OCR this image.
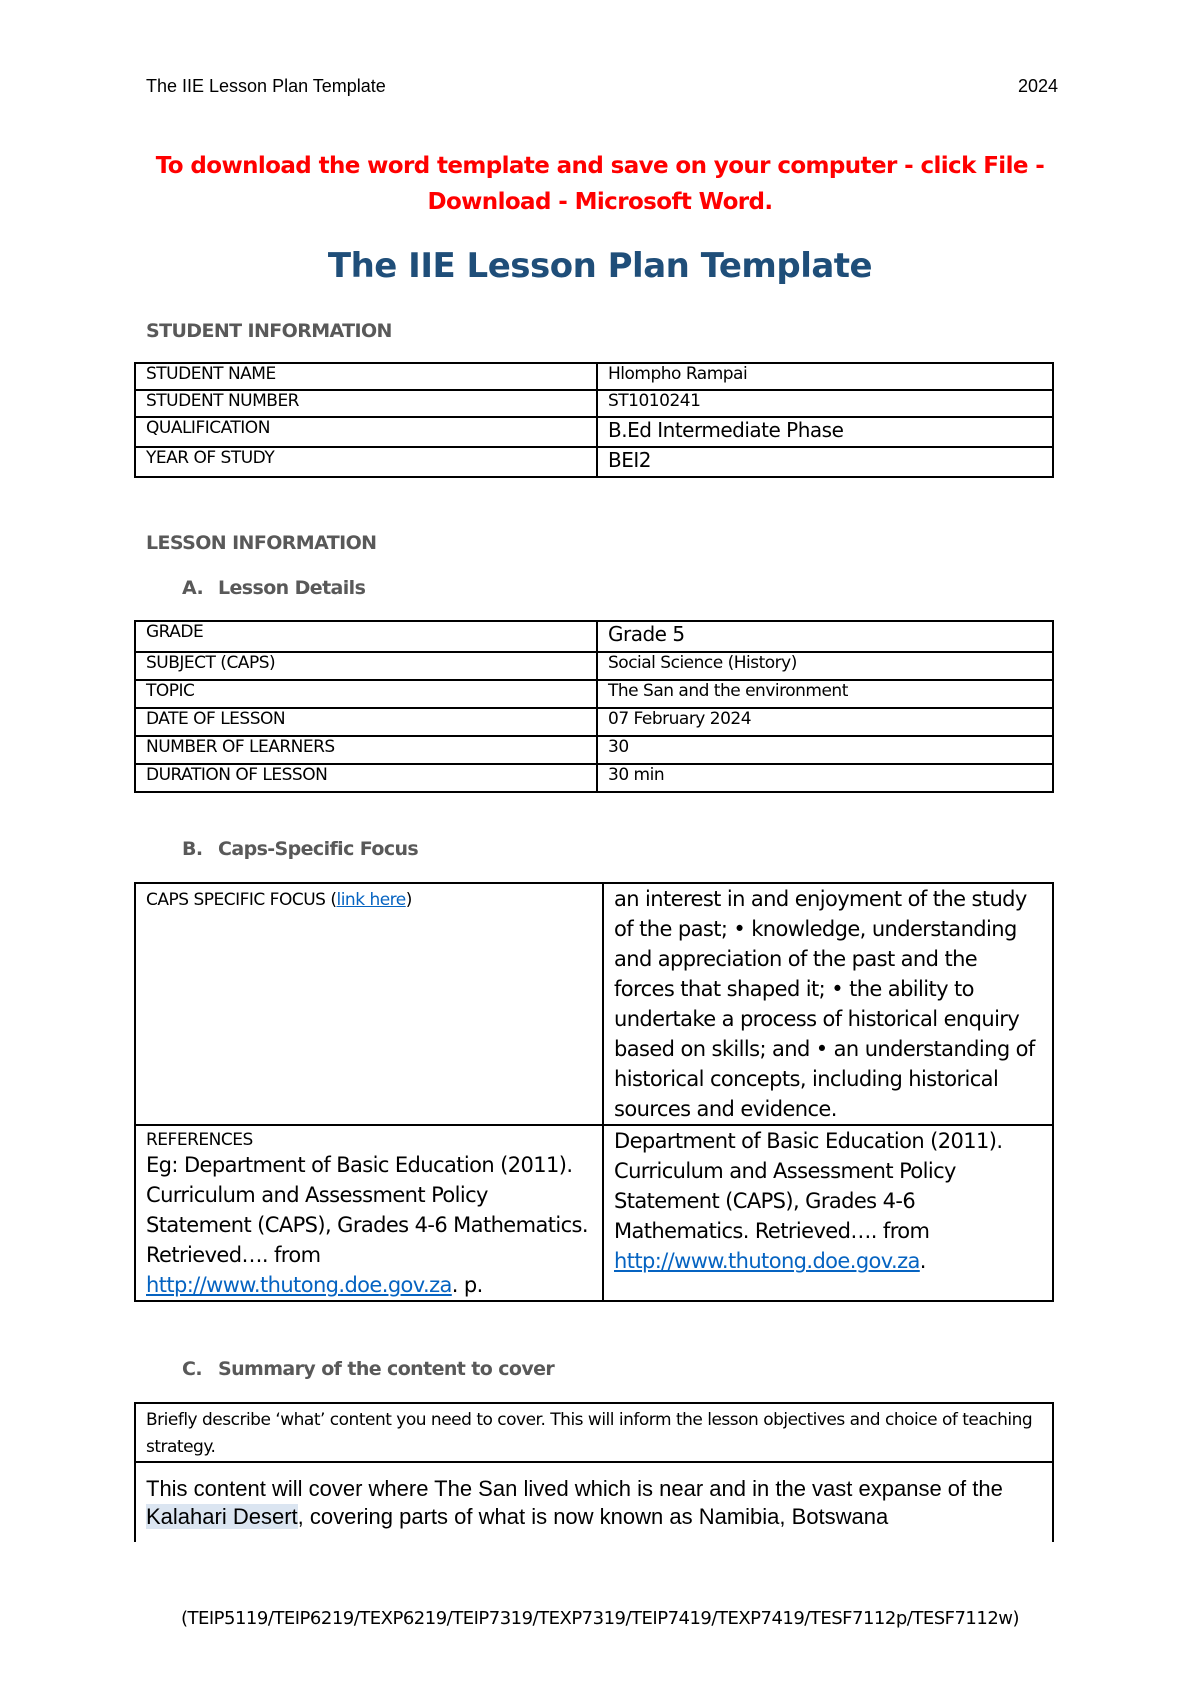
The IIE Lesson Plan Template	2024
To download the word template and save on your computer - click File - Download - Microsoft Word.
The IIE Lesson Plan Template
STUDENT INFORMATION
STUDENT NAME	Hlompho Rampai
STUDENT NUMBER	ST1010241
QUALIFICATION	B.Ed Intermediate Phase
YEAR OF STUDY	BEI2
LESSON INFORMATION
A. Lesson Details
GRADE	Grade 5
SUBJECT (CAPS)	Social Science (History)
TOPIC	The San and the environment
DATE OF LESSON	07 February 2024
NUMBER OF LEARNERS	30
DURATION OF LESSON	30 min
B. Caps-Specific Focus
CAPS SPECIFIC FOCUS (link here)	an interest in and enjoyment of the study of the past; • knowledge, understanding and appreciation of the past and the forces that shaped it; • the ability to undertake a process of historical enquiry based on skills; and • an understanding of historical concepts, including historical sources and evidence.

REFERENCES
Eg: Department of Basic Education (2011). Curriculum and Assessment Policy Statement (CAPS), Grades 4-6 Mathematics. Retrieved…. from http://www.thutong.doe.gov.za. p.	Department of Basic Education (2011). Curriculum and Assessment Policy Statement (CAPS), Grades 4-6 Mathematics. Retrieved…. from http://www.thutong.doe.gov.za.
C. Summary of the content to cover
Briefly describe ‘what’ content you need to cover. This will inform the lesson objectives and choice of teaching strategy.
This content will cover where The San lived which is near and in the vast expanse of the Kalahari Desert, covering parts of what is now known as Namibia, Botswana
(TEIP5119/TEIP6219/TEXP6219/TEIP7319/TEXP7319/TEIP7419/TEXP7419/TESF7112p/TESF7112w)
